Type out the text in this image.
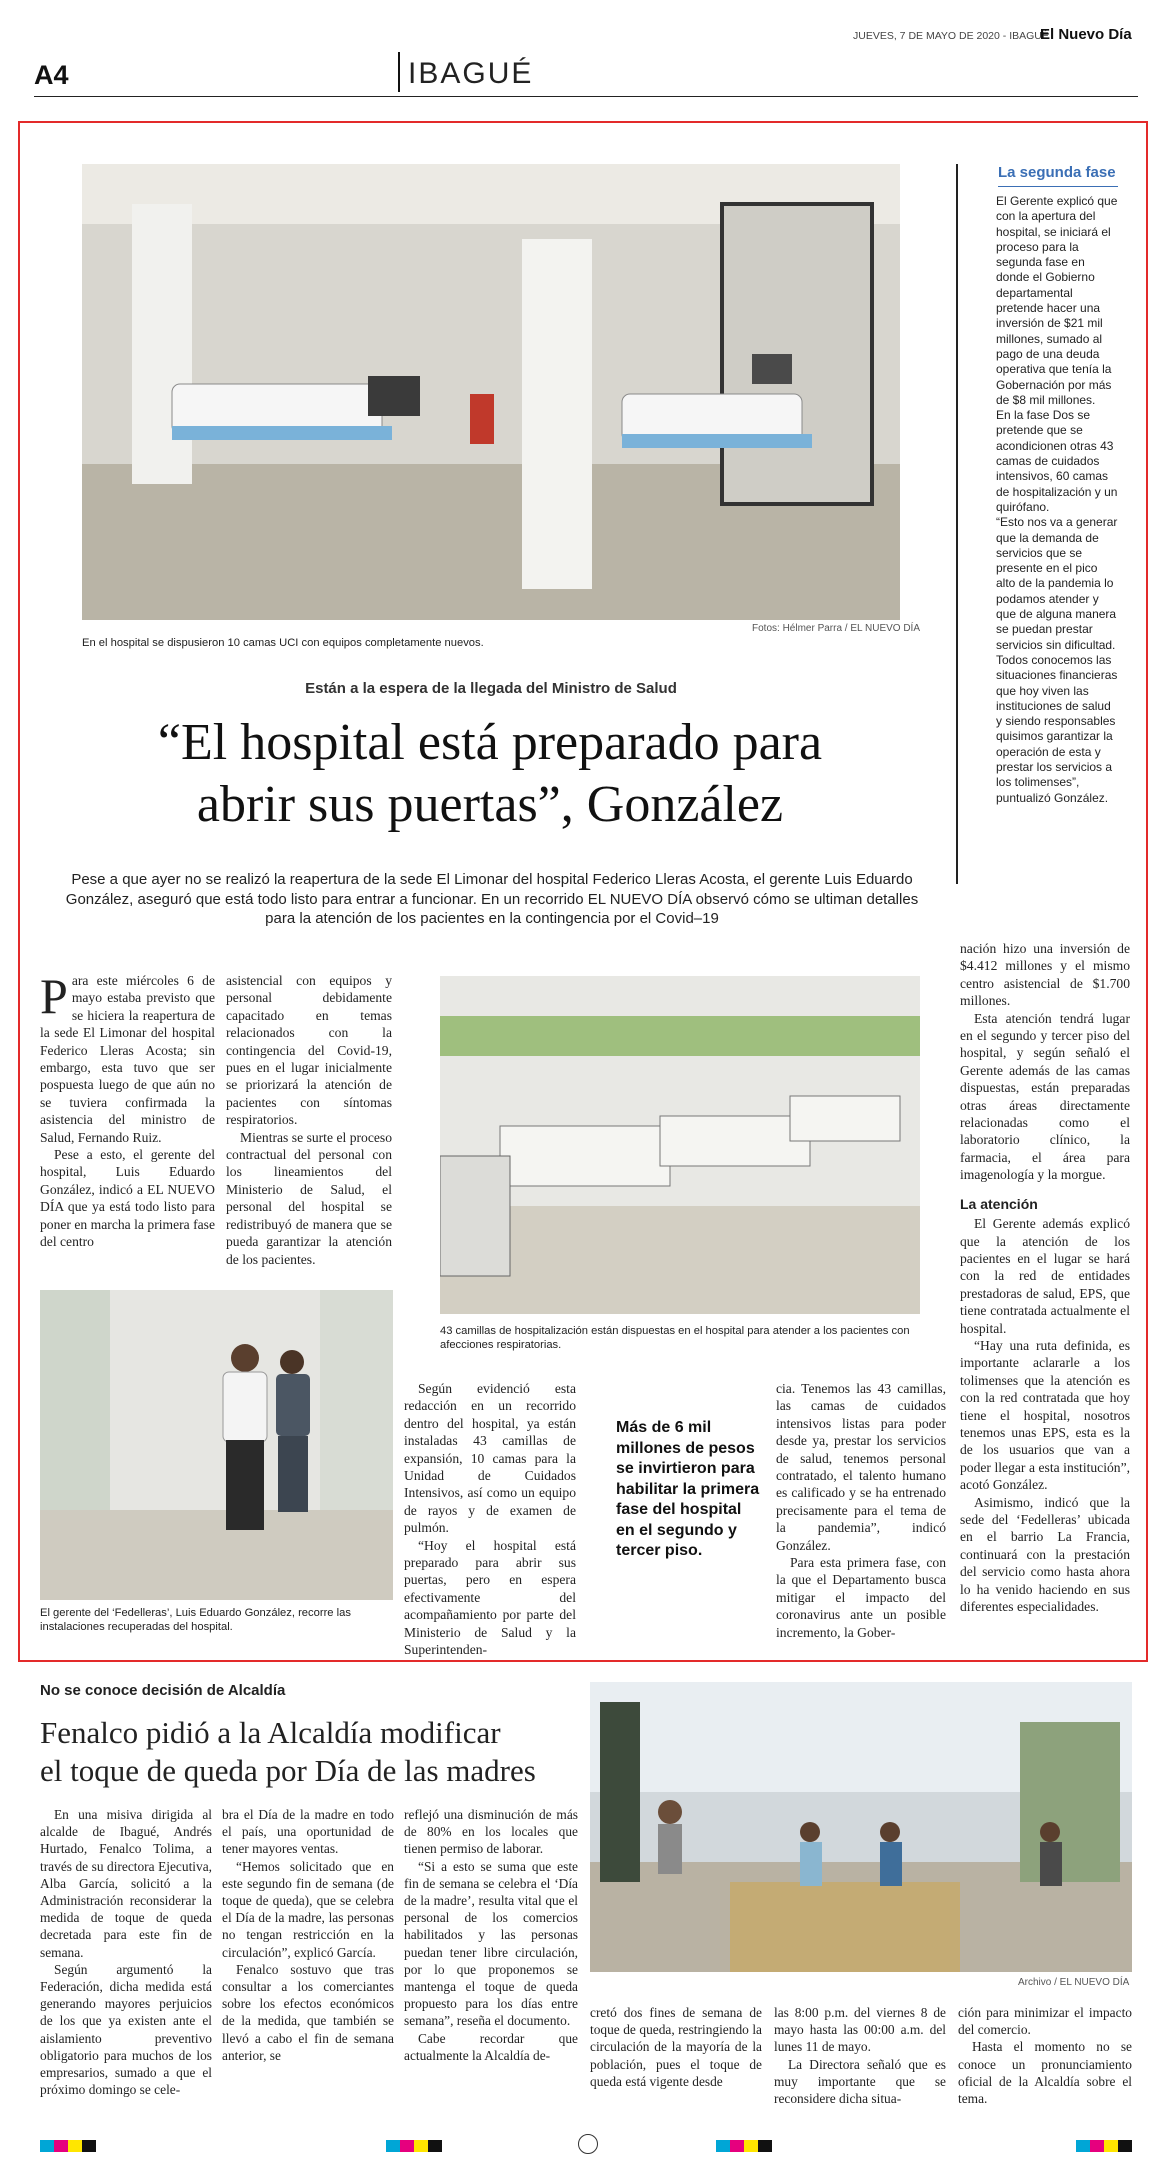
JUEVES, 7 DE MAYO DE 2020 - IBAGUÉ
El Nuevo Día
A4	IBAGUÉ
Fotos: Hélmer Parra / EL NUEVO DÍA
En el hospital se dispusieron 10 camas UCI con equipos completamente nuevos.
La segunda fase
El Gerente explicó que con la apertura del hospital, se iniciará el proceso para la segunda fase en donde el Gobierno departamental pretende hacer una inversión de $21 mil millones, sumado al pago de una deuda operativa que tenía la Gobernación por más de $8 mil millones.
En la fase Dos se pretende que se acondicionen otras 43 camas de cuidados intensivos, 60 camas de hospitalización y un quirófano.
“Esto nos va a generar que la demanda de servicios que se presente en el pico alto de la pandemia lo podamos atender y que de alguna manera se puedan prestar servicios sin dificultad. Todos conocemos las situaciones financieras que hoy viven las instituciones de salud y siendo responsables quisimos garantizar la operación de esta y prestar los servicios a los tolimenses”, puntualizó González.
Están a la espera de la llegada del Ministro de Salud
“El hospital está preparado para
abrir sus puertas”, González
Pese a que ayer no se realizó la reapertura de la sede El Limonar del hospital Federico Lleras Acosta, el gerente Luis Eduardo González, aseguró que está todo listo para entrar a funcionar. En un recorrido EL NUEVO DÍA observó cómo se ultiman detalles para la atención de los pacientes en la contingencia por el Covid–19

Para este miércoles 6 de mayo estaba previsto que se hiciera la reapertura de la sede El Limonar del hospital Federico Lleras Acosta; sin embargo, esta tuvo que ser pospuesta luego de que aún no se tuviera confirmada la asistencia del ministro de Salud, Fernando Ruiz.

Pese a esto, el gerente del hospital, Luis Eduardo González, indicó a EL NUEVO DÍA que ya está todo listo para poner en marcha la primera fase del centro

asistencial con equipos y personal debidamente capacitado en temas relacionados con la contingencia del Covid-19, pues en el lugar inicialmente se priorizará la atención de pacientes con síntomas respiratorios.

Mientras se surte el proceso contractual del personal con los lineamientos del Ministerio de Salud, el personal del hospital se redistribuyó de manera que se pueda garantizar la atención de los pacientes.

43 camillas de hospitalización están dispuestas en el hospital para atender a los pacientes con afecciones respiratorias.
El gerente del ‘Fedelleras’, Luis Eduardo González, recorre las instalaciones recuperadas del hospital.

Según evidenció esta redacción en un recorrido dentro del hospital, ya están instaladas 43 camillas de expansión, 10 camas para la Unidad de Cuidados Intensivos, así como un equipo de rayos y de examen de pulmón.

“Hoy el hospital está preparado para abrir sus puertas, pero en espera efectivamente del acompañamiento por parte del Ministerio de Salud y la Superintenden-

Más de 6 mil millones de pesos se invirtieron para habilitar la primera fase del hospital en el segundo y tercer piso.

cia. Tenemos las 43 camillas, las camas de cuidados intensivos listas para poder desde ya, prestar los servicios de salud, tenemos personal contratado, el talento humano es calificado y se ha entrenado precisamente para el tema de la pandemia”, indicó González.

Para esta primera fase, con la que el Departamento busca mitigar el impacto del coronavirus ante un posible incremento, la Gober-

nación hizo una inversión de $4.412 millones y el mismo centro asistencial de $1.700 millones.

Esta atención tendrá lugar en el segundo y tercer piso del hospital, y según señaló el Gerente además de las camas dispuestas, están preparadas otras áreas directamente relacionadas como el laboratorio clínico, la farmacia, el área para imagenología y la morgue.

La atención

El Gerente además explicó que la atención de los pacientes en el lugar se hará con la red de entidades prestadoras de salud, EPS, que tiene contratada actualmente el hospital.

“Hay una ruta definida, es importante aclararle a los tolimenses que la atención es con la red contratada que hoy tiene el hospital, nosotros tenemos unas EPS, esta es la de los usuarios que van a poder llegar a esta institución”, acotó González.

Asimismo, indicó que la sede del ‘Fedelleras’ ubicada en el barrio La Francia, continuará con la prestación del servicio como hasta ahora lo ha venido haciendo en sus diferentes especialidades.

No se conoce decisión de Alcaldía
Fenalco pidió a la Alcaldía modificar
el toque de queda por Día de las madres
Archivo / EL NUEVO DÍA

En una misiva dirigida al alcalde de Ibagué, Andrés Hurtado, Fenalco Tolima, a través de su directora Ejecutiva, Alba García, solicitó a la Administración reconsiderar la medida de toque de queda decretada para este fin de semana.

Según argumentó la Federación, dicha medida está generando mayores perjuicios de los que ya existen ante el aislamiento preventivo obligatorio para muchos de los empresarios, sumado a que el próximo domingo se cele-

bra el Día de la madre en todo el país, una oportunidad de tener mayores ventas.

“Hemos solicitado que en este segundo fin de semana (de toque de queda), que se celebra el Día de la madre, las personas no tengan restricción en la circulación”, explicó García.

Fenalco sostuvo que tras consultar a los comerciantes sobre los efectos económicos de la medida, que también se llevó a cabo el fin de semana anterior, se

reflejó una disminución de más de 80% en los locales que tienen permiso de laborar.

“Si a esto se suma que este fin de semana se celebra el ‘Día de la madre’, resulta vital que el personal de los comercios habilitados y las personas puedan tener libre circulación, por lo que proponemos se mantenga el toque de queda propuesto para los días entre semana”, reseña el documento.

Cabe recordar que actualmente la Alcaldía de-

cretó dos fines de semana de toque de queda, restringiendo la circulación de la mayoría de la población, pues el toque de queda está vigente desde

las 8:00 p.m. del viernes 8 de mayo hasta las 00:00 a.m. del lunes 11 de mayo.

La Directora señaló que es muy importante que se reconsidere dicha situa-

ción para minimizar el impacto del comercio.

Hasta el momento no se conoce un pronunciamiento oficial de la Alcaldía sobre el tema.
